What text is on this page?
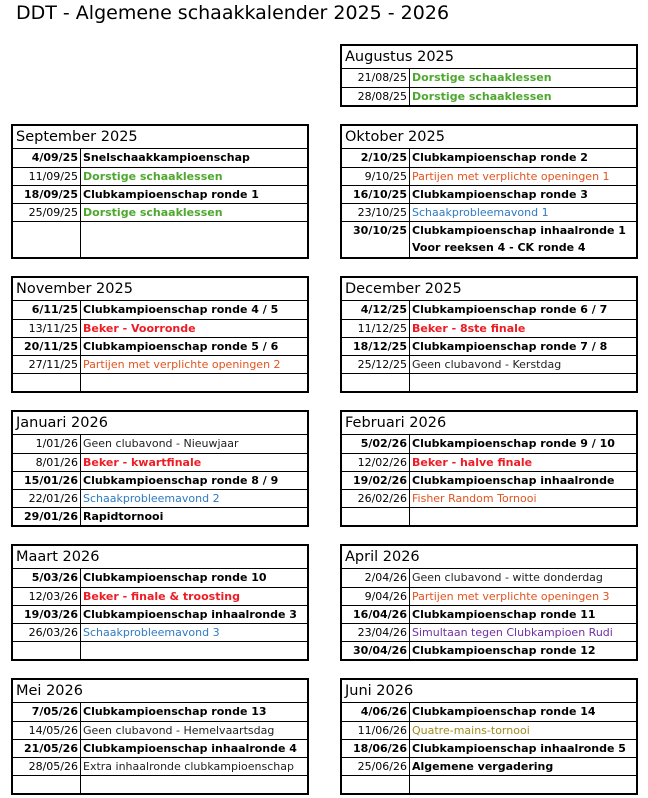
DDT - Algemene schaakkalender 2025 - 2026
Augustus 2025
21/08/25 Dorstige schaaklessen
28/08/25 Dorstige schaaklessen
September 2025
4/09/25 Snelschaakkampioenschap
11/09/25 Dorstige schaaklessen
18/09/25 Clubkampioenschap ronde 1
25/09/25 Dorstige schaaklessen
Oktober 2025
2/10/25 Clubkampioenschap ronde 2
9/10/25 Partijen met verplichte openingen 1
16/10/25 Clubkampioenschap ronde 3
23/10/25 Schaakprobleemavond 1
30/10/25 Clubkampioenschap inhaalronde 1
Voor reeksen 4 - CK ronde 4
November 2025
6/11/25 Clubkampioenschap ronde 4 / 5
13/11/25 Beker - Voorronde
20/11/25 Clubkampioenschap ronde 5 / 6
27/11/25 Partijen met verplichte openingen 2
December 2025
4/12/25 Clubkampioenschap ronde 6 / 7
11/12/25 Beker - 8ste finale
18/12/25 Clubkampioenschap ronde 7 / 8
25/12/25 Geen clubavond - Kerstdag
Januari 2026
1/01/26 Geen clubavond - Nieuwjaar
8/01/26 Beker - kwartfinale
15/01/26 Clubkampioenschap ronde 8 / 9
22/01/26 Schaakprobleemavond 2
29/01/26 Rapidtornooi
Februari 2026
5/02/26 Clubkampioenschap ronde 9 / 10
12/02/26 Beker - halve finale
19/02/26 Clubkampioenschap inhaalronde
26/02/26 Fisher Random Tornooi
Maart 2026
5/03/26 Clubkampioenschap ronde 10
12/03/26 Beker - finale & troosting
19/03/26 Clubkampioenschap inhaalronde 3
26/03/26 Schaakprobleemavond 3
April 2026
2/04/26 Geen clubavond - witte donderdag
9/04/26 Partijen met verplichte openingen 3
16/04/26 Clubkampioenschap ronde 11
23/04/26 Simultaan tegen Clubkampioen Rudi
30/04/26 Clubkampioenschap ronde 12
Mei 2026
7/05/26 Clubkampioenschap ronde 13
14/05/26 Geen clubavond - Hemelvaartsdag
21/05/26 Clubkampioenschap inhaalronde 4
28/05/26 Extra inhaalronde clubkampioenschap
Juni 2026
4/06/26 Clubkampioenschap ronde 14
11/06/26 Quatre-mains-tornooi
18/06/26 Clubkampioenschap inhaalronde 5
25/06/26 Algemene vergadering
